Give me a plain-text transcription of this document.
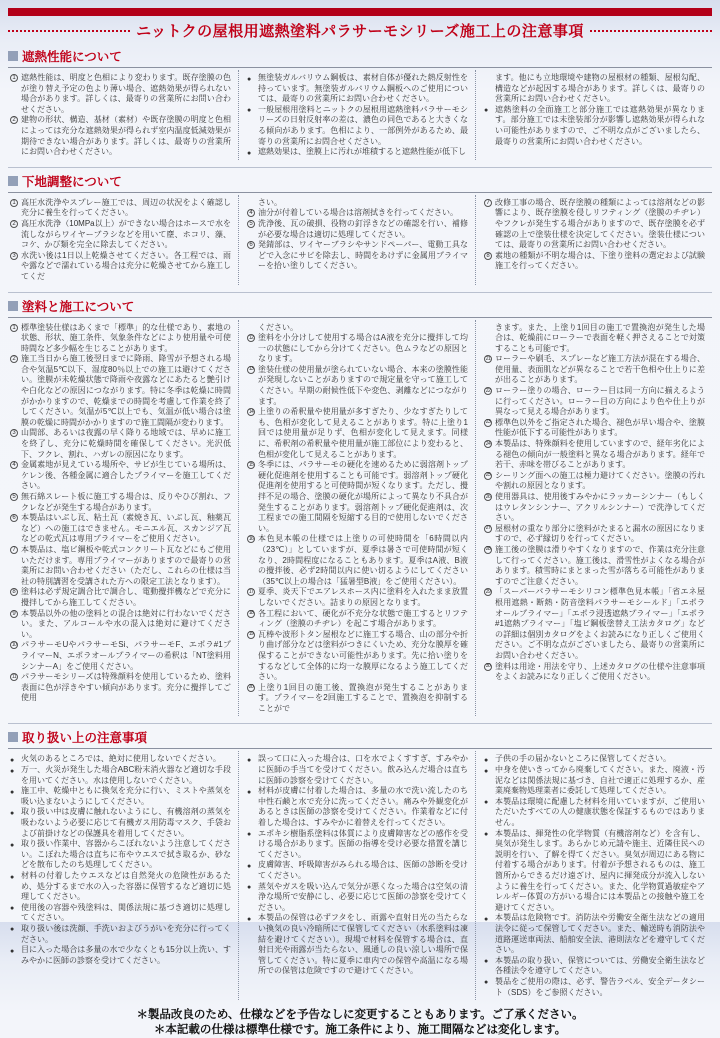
ニットクの屋根用遮熱塗料パラサーモシリーズ施工上の注意事項
遮熱性能について
1 遮熱性能は、明度と色相により変わります。既存塗膜の色が塗り替え予定の色より薄い場合、遮熱効果が得られない場合があります。詳しくは、最寄りの営業所にお問い合わせください。
2 建物の形状、構造、基材（素材）や既存塗膜の明度と色相によっては充分な遮熱効果が得られず室内温度低減効果が期待できない場合があります。詳しくは、最寄りの営業所にお問い合わせください。
● 無塗装ガルバリウム鋼板は、素材自体が優れた熱反射性を持っています。無塗装ガルバリウム鋼板へのご使用については、最寄りの営業所にお問い合わせください。
● 一般屋根用塗料とニットクの屋根用遮熱塗料パラサーモシリーズの日射反射率の差は、濃色の同色であると大きくなる傾向があります。色相により、一部例外があるため、最寄りの営業所にお問合せください。
● 遮熱効果は、塗膜上に汚れが堆積すると遮熱性能が低下し
ます。他にも立地環境や建物の屋根材の種類、屋根勾配、構造などが起因する場合があります。詳しくは、最寄りの営業所にお問い合わせください。
● 遮熱塗料の全面施工と部分施工では遮熱効果が異なります。部分施工では未塗装部分が影響し遮熱効果が得られない可能性がありますので、ご不明な点がございましたら、最寄りの営業所にお問い合わせください。
下地調整について
1 高圧水洗浄やスプレー施工では、周辺の状況をよく確認し充分に養生を行ってください。
2 高圧水洗浄（10MPa以上）ができない場合はホースで水を流しながらワイヤーブラシなどを用いて塵、ホコリ、藻、コケ、かび類を完全に除去してください。
3 水洗い後は1日以上乾燥させてください。各工程では、雨や露などで濡れている場合は充分に乾燥させてから施工してくだ
さい。
4 油分が付着している場合は溶剤拭きを行ってください。
5 洗浄後、瓦の破損、役物の釘浮きなどの確認を行い、補修が必要な場合は適切に処理してください。
6 発錆部は、ワイヤーブラシやサンドペーパー、電動工具などで入念にサビを除去し、時間をあけずに金属用プライマーを拾い塗りしてください。
7 改修工事の場合、既存塗膜の種類によっては溶剤などの影響により、既存塗膜を侵しリフティング（塗膜のチヂレ）やフクレが発生する場合がありますので、既存塗膜を必ず確認の上で塗装仕様を決定してください。塗装仕様については、最寄りの営業所にお問い合わせください。
8 素地の種類が不明な場合は、下塗り塗料の選定および試験施工を行ってください。
塗料と施工について
1 標準塗装仕様はあくまで「標準」的な仕様であり、素地の状態、形状、施工条件、気象条件などにより使用量や可使時間など多少幅を生じることがあります。
2 施工当日から施工後翌日までに降雨、降雪が予想される場合や気温5℃以下、湿度80％以上での施工は避けてください。塗膜が未乾燥状態で降雨や夜露などにあたると艶引けや白化などの原因につながります。特に冬季は乾燥に時間がかかりますので、乾燥までの時間を考慮して作業を終了してください。気温が5℃以上でも、気温が低い場合は塗膜の乾燥に時間がかかりますので施工間隔が変わります。
3 山間部、あるいは夜露の早く降りる地域では、早めに施工を終了し、充分に乾燥時間を確保してください。光沢低下、フクレ、割れ、ハガレの原因になります。
4 金属素地が見えている場所や、サビが生じている場所は、ケレン後、各種金属に適合したプライマーを施工してください。
5 無石綿スレート板に施工する場合は、反りやひび割れ、フクレなどが発生する場合があります。
6 本製品はいぶし瓦、粘土瓦（素焼き瓦、いぶし瓦、釉薬瓦など）への施工はできません。モニエル瓦、スカンジア瓦などの乾式瓦は専用プライマーをご使用ください。
7 本製品は、塩ビ鋼板や乾式コンクリート瓦などにもご使用いただけます。専用プライマーがありますので最寄りの営業所にお問い合わせください（ただし、これらの仕様は当社の特別講習を受講された方への限定工法となります）。
8 塗料は必ず規定調合比で調合し、電動攪拌機などで充分に攪拌してから施工してください。
9 本製品以外の他の塗料との混合は絶対に行わないでください。また、アルコールや水の混入は絶対に避けてください。
10 パラサーモUやパラサーモSi、パラサーモF、エポラ#1プライマーN、エポラオールプライマーの希釈は「NT塗料用シンナーA」をご使用ください。
11 パラサーモシリーズは特殊顔料を使用しているため、塗料表面に色が浮きやすい傾向があります。充分に攪拌してご使用
ください。
12 塗料を小分けして使用する場合はA液を充分に攪拌して均一の状態にしてから分けてください。色ムラなどの原因となります。
13 塗装仕様の使用量が塗られていない場合、本来の塗膜性能が発現しないことがありますので規定量を守って施工してください。早期の耐候性低下や変色、剥離などにつながります。
14 上塗りの希釈量や使用量が多すぎたり、少なすぎたりしても、色相が変化して見えることがあります。特に上塗り1回では使用量が足りず、色相が変化して見えます。同様に、希釈剤の希釈量や使用量が施工部位により変わると、色相が変化して見えることがあります。
15 冬季には、パラサーモの硬化を速めるために弱溶剤トップ硬化促進剤を使用することも可能です。弱溶剤トップ硬化促進剤を使用すると可使時間が短くなります。ただし、攪拌不足の場合、塗膜の硬化が場所によって異なり不具合が発生することがあります。弱溶剤トップ硬化促進剤は、次工程までの施工間隔を短縮する目的で使用しないでください。
16 本色見本帳の仕様では上塗りの可使時間を「6時間以内（23℃）」としていますが、夏季は暑さで可使時間が短くなり、2時間程度になることもあります。夏季はA液、B液の攪拌後、必ず2時間以内に使い切るようにしてください（35℃以上の場合は「猛暑型B液」をご使用ください）。
17 夏季、炎天下でエアレスホース内に塗料を入れたまま放置しないでください。詰まりの原因となります。
18 各工程において、硬化が不充分な状態で施工するとリフティング（塗膜のチヂレ）を起こす場合があります。
19 瓦棒や波形トタン屋根などに施工する場合、山の部分や折り曲げ部分などは塗料がつきにくいため、充分な膜厚を確保することができない可能性があります。先に拾い塗りをするなどして全体的に均一な膜厚になるよう施工してください。
20 上塗り1回目の施工後、置換泡が発生することがあります。プライマーを2回施工することで、置換泡を抑制することがで
きます。また、上塗り1回目の施工で置換泡が発生した場合は、乾燥前にローラーで表面を軽く押さえることで対策することも可能です。
21 ローラーや刷毛、スプレーなど施工方法が混在する場合、使用量、表面肌などが異なることで若干色相や仕上りに差が出ることがあります。
22 ローラー塗りの場合、ローラー目は同一方向に揃えるように行ってください。ローラー目の方向により色や仕上りが異なって見える場合があります。
23 標準色以外をご指定された場合、褪色が早い場合や、塗膜性能が低下する可能性があります。
24 本製品は、特殊顔料を使用していますので、経年劣化による褪色の傾向が一般塗料と異なる場合があります。経年で若干、赤味を帯びることがあります。
25 シーリング面への施工は極力避けてください。塗膜の汚れや割れの原因となります。
26 使用器具は、使用後すみやかにラッカーシンナー（もしくはウレタンシンナー、アクリルシンナー）で洗浄してください。
27 屋根材の重なり部分に塗料がたまると漏水の原因になりますので、必ず縁切りを行ってください。
28 施工後の塗膜は滑りやすくなりますので、作業は充分注意して行ってください。施工後は、滑雪性がよくなる場合があります。積雪時にまとまった雪が落ちる可能性がありますのでご注意ください。
29 「スーパーパラサーモシリコン標準色見本帳」「省エネ屋根用遮熱・断熱・防音塗料パラサーモシールド」「エポラオールプライマー」「エポラ浸透遮熱プライマー」「エポラ#1遮熱プライマー」「塩ビ鋼板塗替え工法カタログ」などの詳細は個別カタログをよくお読みになり正しくご使用ください。ご不明な点がございましたら、最寄りの営業所にお問い合わせください。
30 塗料は用途・用法を守り、上述カタログの仕様や注意事項をよくお読みになり正しくご使用ください。
取り扱い上の注意事項
● 火気のあるところでは、絶対に使用しないでください。
● 万一、火災が発生した場合ABC粉末消火器など適切な手段を用いてください。水は使用しないでください。
● 施工中、乾燥中ともに換気を充分に行い、ミストや蒸気を吸い込まないようにしてください。
● 取り扱い中は皮膚に触れないようにし、有機溶剤の蒸気を吸わないよう必要に応じて有機ガス用防毒マスク、手袋および前掛けなどの保護具を着用してください。
● 取り扱い作業中、容器からこぼれないよう注意してください。こぼれた場合は直ちに布やウエスで拭き取るか、砂などを散布したのち処理してください。
● 材料の付着したウエスなどは自然発火の危険性があるため、処分するまで水の入った容器に保管するなど適切に処理してください。
● 使用後の容器や残塗料は、関係法規に基づき適切に処理してください。
● 取り扱い後は洗顔、手洗いおよびうがいを充分に行ってください。
● 目に入った場合は多量の水で少なくとも15分以上洗い、すみやかに医師の診察を受けてください。
● 誤って口に入った場合は、口を水でよくすすぎ、すみやかに医師の手当てを受けてください。飲み込んだ場合は直ちに医師の診察を受けてください。
● 材料が皮膚に付着した場合は、多量の水で洗い流したのち中性石鹸と水で充分に洗ってください。痛みや外観変化があるときは医師の診察を受けてください。作業着などに付着した場合は、すみやかに着替えを行ってください。
● エポキシ樹脂系塗料は体質により皮膚障害などの感作を受ける場合があります。医師の指導を受け必要な措置を講じてください。
● 皮膚障害、呼吸障害がみられる場合は、医師の診断を受けてください。
● 蒸気やガスを吸い込んで気分が悪くなった場合は空気の清浄な場所で安静にし、必要に応じて医師の診察を受けてください。
● 本製品の保管は必ずフタをし、雨露や直射日光の当たらない換気の良い冷暗所にて保管してください（水系塗料は凍結を避けてください）。現場で材料を保管する場合は、直射日光や雨露が当たらない、風通しの良い涼しい場所で保管してください。特に夏季に車内での保管や高温になる場所での保管は危険ですので避けてください。
● 子供の手の届かないところに保管してください。
● 中身を使いきってから廃棄してください。また、廃液・汚泥などは関係法規に基づき、自社で適正に処理するか、産業廃棄物処理業者に委託して処理してください。
● 本製品は環境に配慮した材料を用いていますが、ご使用いただいたすべての人の健康状態を保証するものではありません。
● 本製品は、揮発性の化学物質（有機溶剤など）を含有し、臭気が発生します。あらかじめ元請や施主、近隣住民への説明を行い、了解を得てください。臭気が周辺にある物に付着する場合があります。付着が予想されるものは、施工箇所からできるだけ遠ざけ、屋内に揮発成分が流入しないように養生を行ってください。また、化学物質過敏症やアレルギー体質の方がいる場合には本製品との接触や施工を避けてください。
● 本製品は危険物です。消防法や労働安全衛生法などの適用法令に従って保管してください。また、輸送時も消防法や道路運送車両法、船舶安全法、港則法などを遵守してください。
● 本製品の取り扱い、保管については、労働安全衛生法など各種法令を遵守してください。
● 製品をご使用の際は、必ず、警告ラベル、安全データシート（SDS）をご参照ください。
＊製品改良のため、仕様などを予告なしに変更することもあります。ご了承ください。
＊本記載の仕様は標準仕様です。施工条件により、施工間隔などは変化します。
